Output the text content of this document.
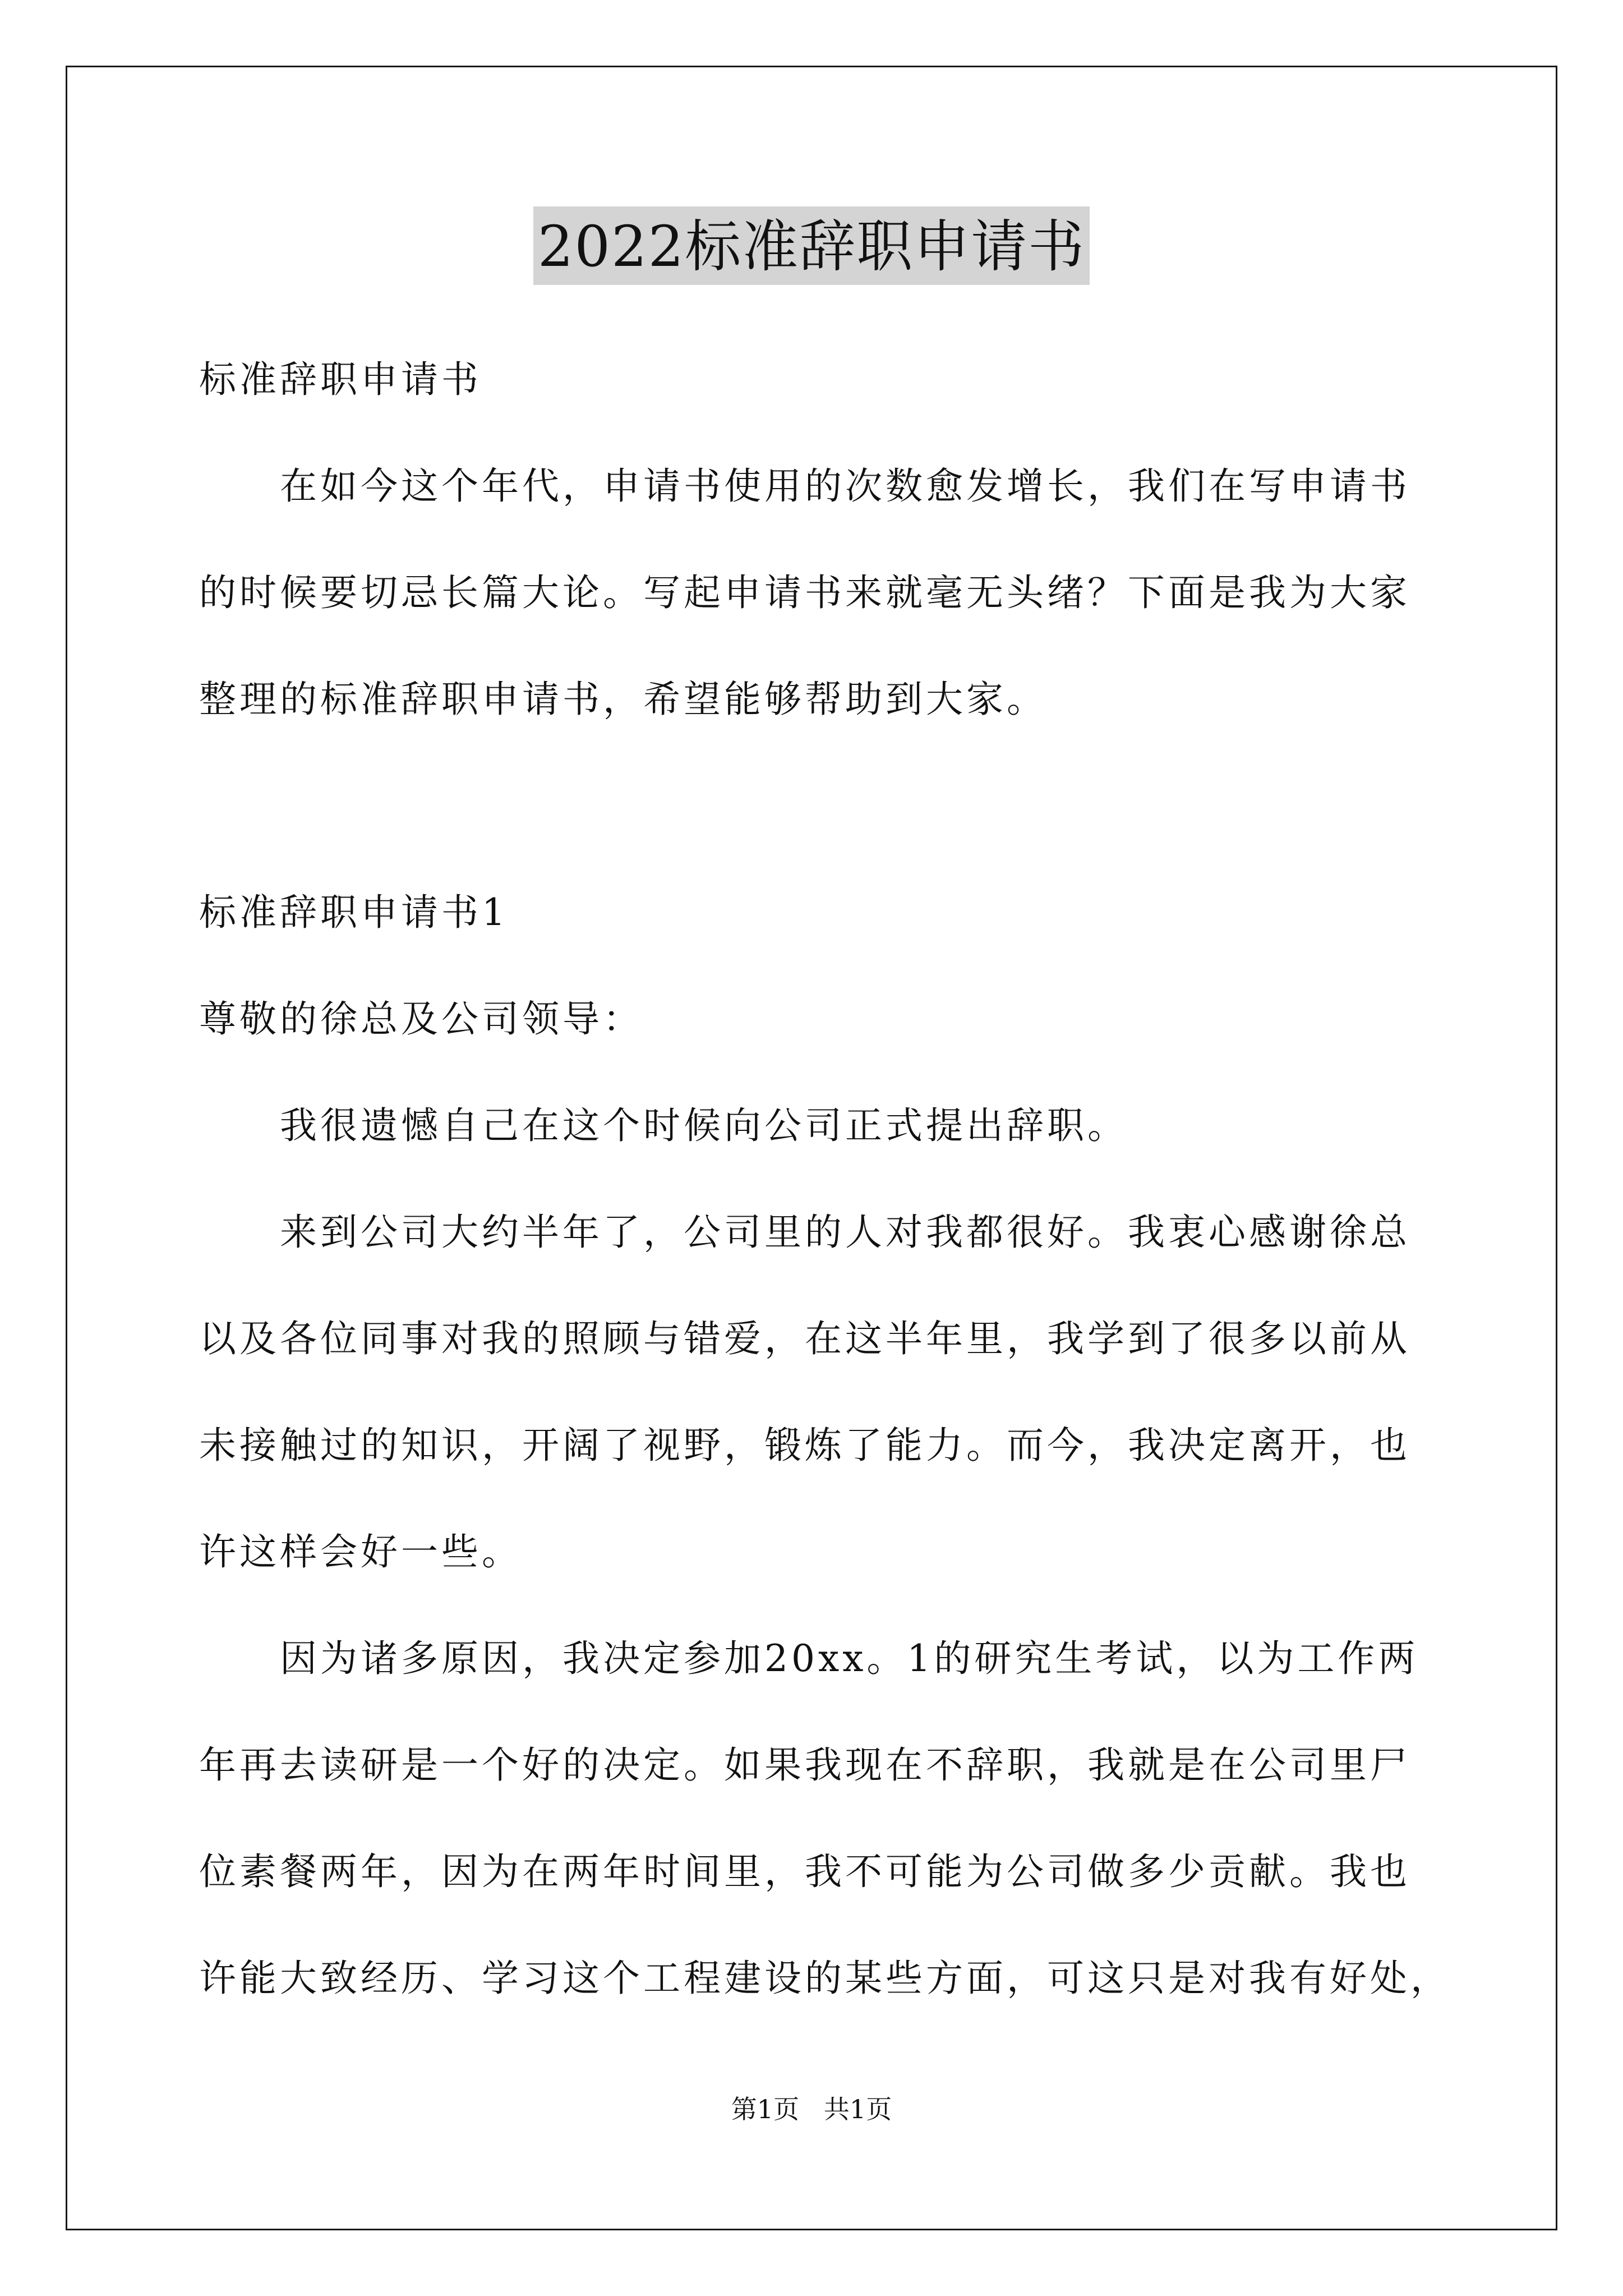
2022标准辞职申请书
标准辞职申请书
在如今这个年代，申请书使用的次数愈发增长，我们在写申请书
的时候要切忌长篇大论。写起申请书来就毫无头绪？下面是我为大家
整理的标准辞职申请书，希望能够帮助到大家。
标准辞职申请书1
尊敬的徐总及公司领导：
我很遗憾自己在这个时候向公司正式提出辞职。
来到公司大约半年了，公司里的人对我都很好。我衷心感谢徐总
以及各位同事对我的照顾与错爱，在这半年里，我学到了很多以前从
未接触过的知识，开阔了视野，锻炼了能力。而今，我决定离开，也
许这样会好一些。
因为诸多原因，我决定参加20xx。1的研究生考试，以为工作两
年再去读研是一个好的决定。如果我现在不辞职，我就是在公司里尸
位素餐两年，因为在两年时间里，我不可能为公司做多少贡献。我也
许能大致经历、学习这个工程建设的某些方面，可这只是对我有好处，
第1页   共1页
